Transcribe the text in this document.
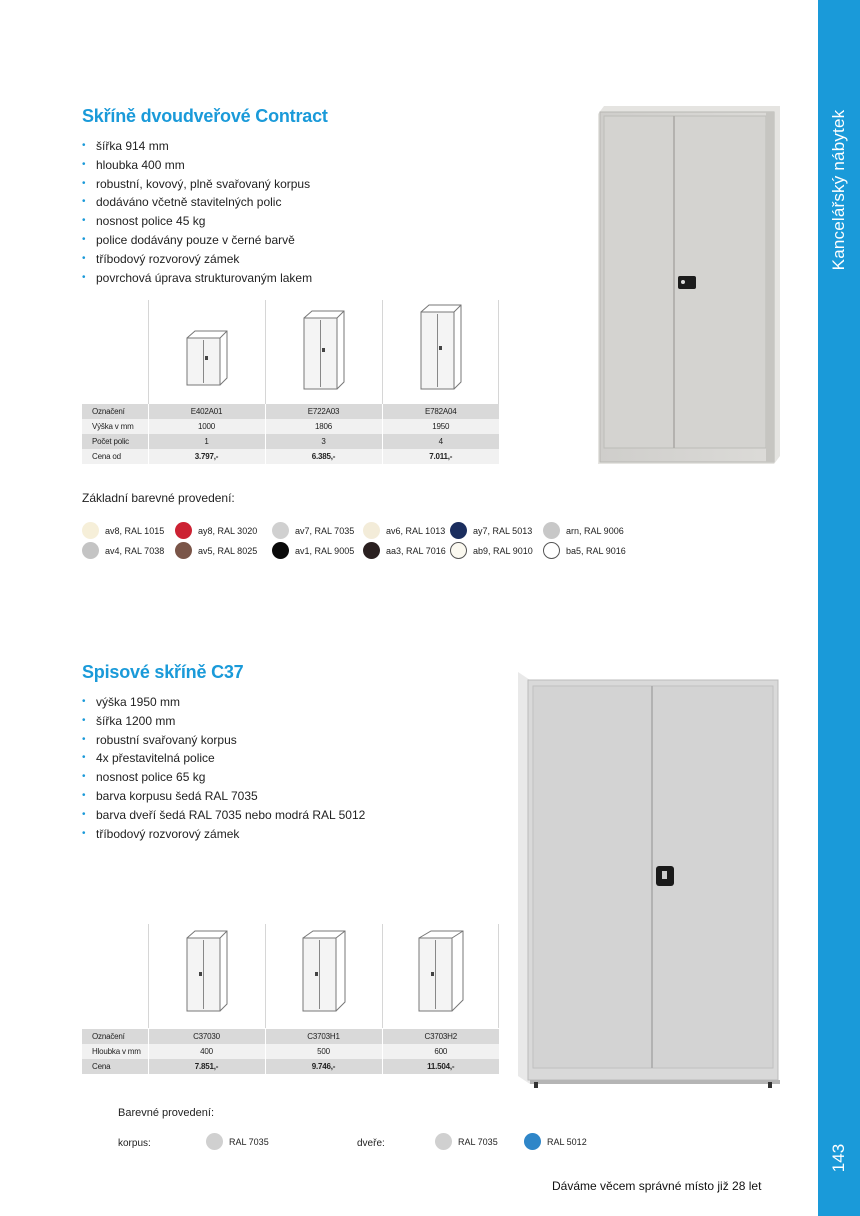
Kancelářský nábytek
143
Skříně dvoudveřové Contract
• šířka 914 mm
• hloubka 400 mm
• robustní, kovový, plně svařovaný korpus
• dodáváno včetně stavitelných polic
• nosnost police 45 kg
• police dodávány pouze v černé barvě
• tříbodový rozvorový zámek
• povrchová úprava strukturovaným lakem
Označení	E402A01	E722A03	E782A04
Výška v mm	1000	1806	1950
Počet polic	1	3	4
Cena od	3.797,-	6.385,-	7.011,-
Základní barevné provedení:
av8, RAL 1015	ay8, RAL 3020	av7, RAL 7035	av6, RAL 1013	ay7, RAL 5013	arn, RAL 9006
av4, RAL 7038	av5, RAL 8025	av1, RAL 9005	aa3, RAL 7016	ab9, RAL 9010	ba5, RAL 9016
Spisové skříně C37
• výška 1950 mm
• šířka 1200 mm
• robustní svařovaný korpus
• 4x přestavitelná police
• nosnost police 65 kg
• barva korpusu šedá RAL 7035
• barva dveří šedá RAL 7035 nebo modrá RAL 5012
• tříbodový rozvorový zámek
Označení	C37030	C3703H1	C3703H2
Hloubka v mm	400	500	600
Cena	7.851,-	9.746,-	11.504,-
Barevné provedení:
korpus:	RAL 7035	dveře:	RAL 7035	RAL 5012
Dáváme věcem správné místo již 28 let
